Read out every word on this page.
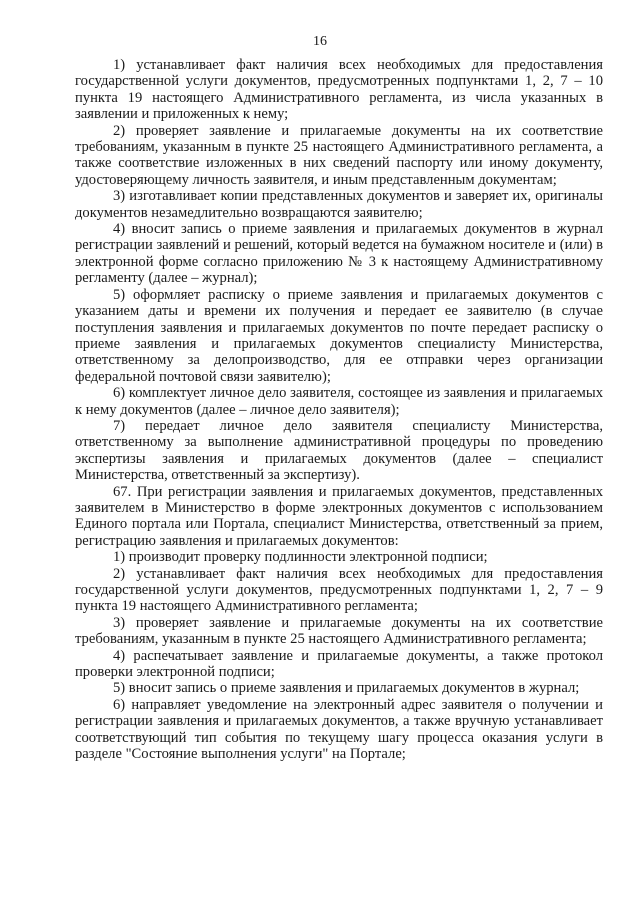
16

1) устанавливает факт наличия всех необходимых для предоставления государственной услуги документов, предусмотренных подпунктами 1, 2, 7 – 10 пункта 19 настоящего Административного регламента, из числа указанных в заявлении и приложенных к нему;

2) проверяет заявление и прилагаемые документы на их соответствие требованиям, указанным в пункте 25 настоящего Административного регламента, а также соответствие изложенных в них сведений паспорту или иному документу, удостоверяющему личность заявителя, и иным представленным документам;

3) изготавливает копии представленных документов и заверяет их, оригиналы документов незамедлительно возвращаются заявителю;

4) вносит запись о приеме заявления и прилагаемых документов в журнал регистрации заявлений и решений, который ведется на бумажном носителе и (или) в электронной форме согласно приложению № 3 к настоящему Административному регламенту (далее – журнал);

5) оформляет расписку о приеме заявления и прилагаемых документов с указанием даты и времени их получения и передает ее заявителю (в случае поступления заявления и прилагаемых документов по почте передает расписку о приеме заявления и прилагаемых документов специалисту Министерства, ответственному за делопроизводство, для ее отправки через организации федеральной почтовой связи заявителю);

6) комплектует личное дело заявителя, состоящее из заявления и прилагаемых к нему документов (далее – личное дело заявителя);

7) передает личное дело заявителя специалисту Министерства, ответственному за выполнение административной процедуры по проведению экспертизы заявления и прилагаемых документов (далее – специалист Министерства, ответственный за экспертизу).

67. При регистрации заявления и прилагаемых документов, представленных заявителем в Министерство в форме электронных документов с использованием Единого портала или Портала, специалист Министерства, ответственный за прием, регистрацию заявления и прилагаемых документов:

1) производит проверку подлинности электронной подписи;

2) устанавливает факт наличия всех необходимых для предоставления государственной услуги документов, предусмотренных подпунктами 1, 2, 7 – 9 пункта 19 настоящего Административного регламента;

3) проверяет заявление и прилагаемые документы на их соответствие требованиям, указанным в пункте 25 настоящего Административного регламента;

4) распечатывает заявление и прилагаемые документы, а также протокол проверки электронной подписи;

5) вносит запись о приеме заявления и прилагаемых документов в журнал;

6) направляет уведомление на электронный адрес заявителя о получении и регистрации заявления и прилагаемых документов, а также вручную устанавливает соответствующий тип события по текущему шагу процесса оказания услуги в разделе "Состояние выполнения услуги" на Портале;
